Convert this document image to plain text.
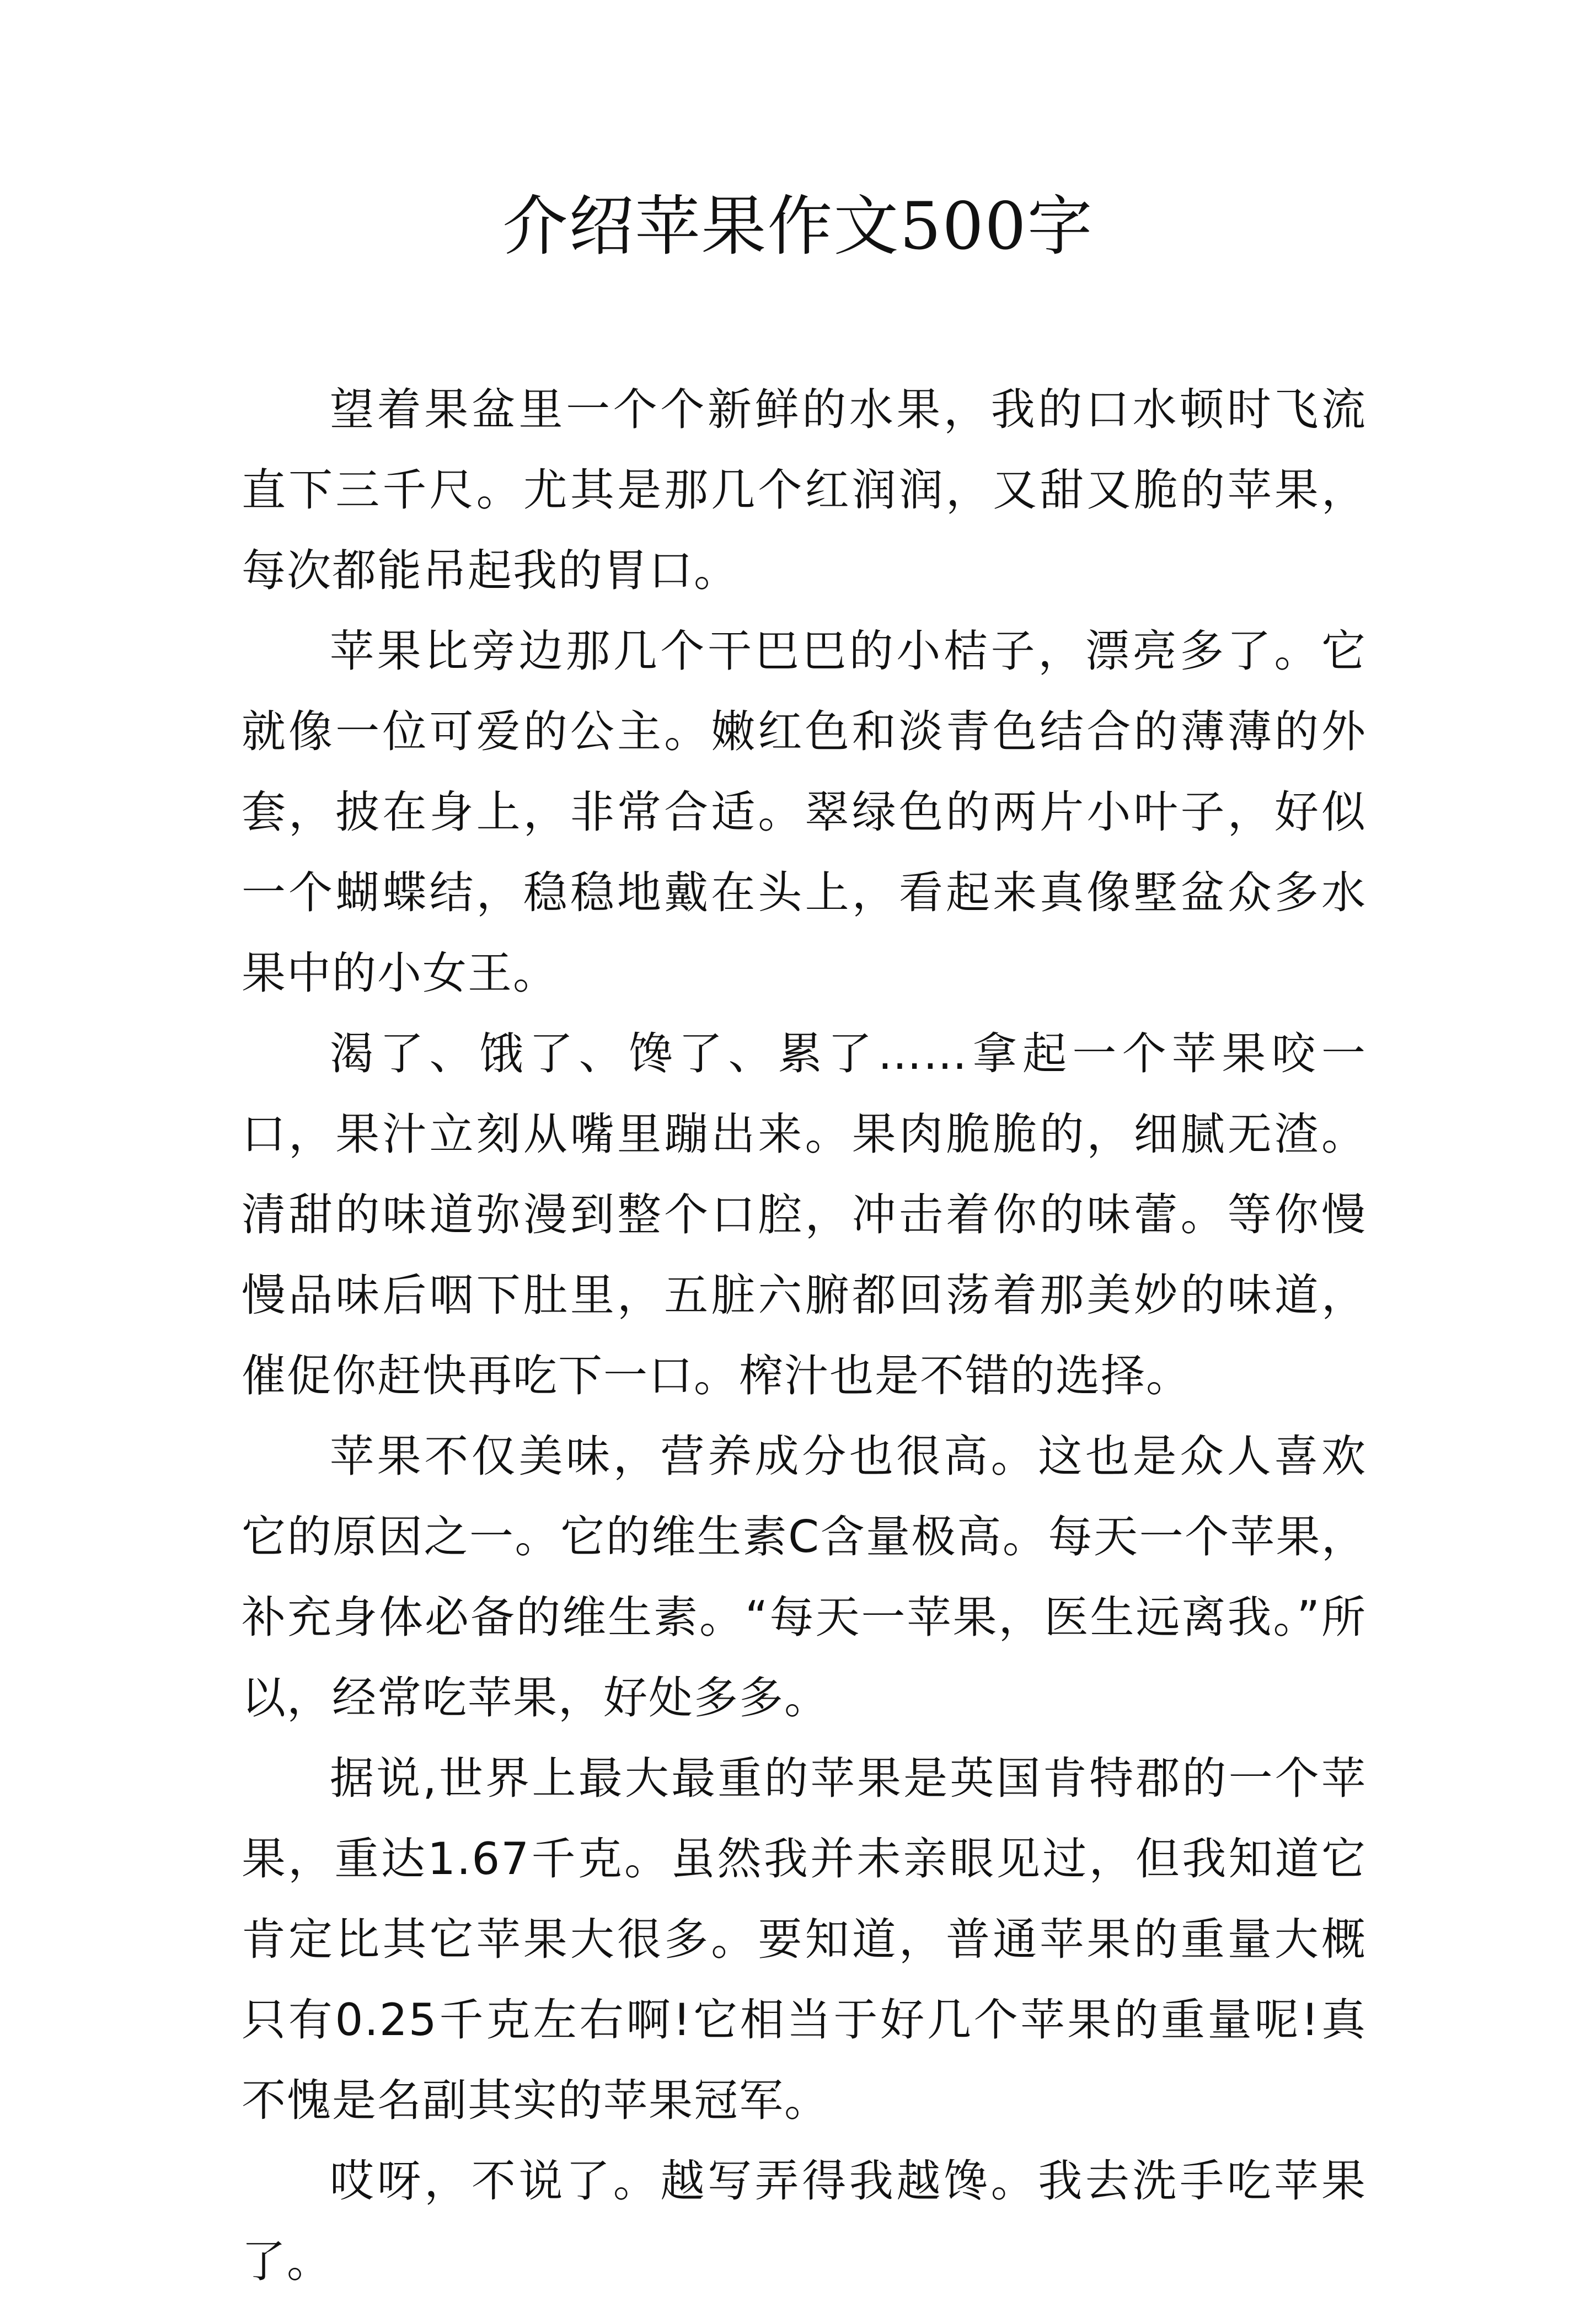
介绍苹果作文500字

望着果盆里一个个新鲜的水果，我的口水顿时飞流直下三千尺。尤其是那几个红润润，又甜又脆的苹果，每次都能吊起我的胃口。

苹果比旁边那几个干巴巴的小桔子，漂亮多了。它就像一位可爱的公主。嫩红色和淡青色结合的薄薄的外套，披在身上，非常合适。翠绿色的两片小叶子，好似一个蝴蝶结，稳稳地戴在头上，看起来真像墅盆众多水果中的小女王。

渴了、饿了、馋了、累了……拿起一个苹果咬一口，果汁立刻从嘴里蹦出来。果肉脆脆的，细腻无渣。清甜的味道弥漫到整个口腔，冲击着你的味蕾。等你慢慢品味后咽下肚里，五脏六腑都回荡着那美妙的味道，催促你赶快再吃下一口。榨汁也是不错的选择。

苹果不仅美味，营养成分也很高。这也是众人喜欢它的原因之一。它的维生素C含量极高。每天一个苹果，补充身体必备的维生素。“每天一苹果，医生远离我。”所以，经常吃苹果，好处多多。

据说,世界上最大最重的苹果是英国肯特郡的一个苹果，重达1.67千克。虽然我并未亲眼见过，但我知道它肯定比其它苹果大很多。要知道，普通苹果的重量大概只有0.25千克左右啊!它相当于好几个苹果的重量呢!真不愧是名副其实的苹果冠军。

哎呀，不说了。越写弄得我越馋。我去洗手吃苹果了。
